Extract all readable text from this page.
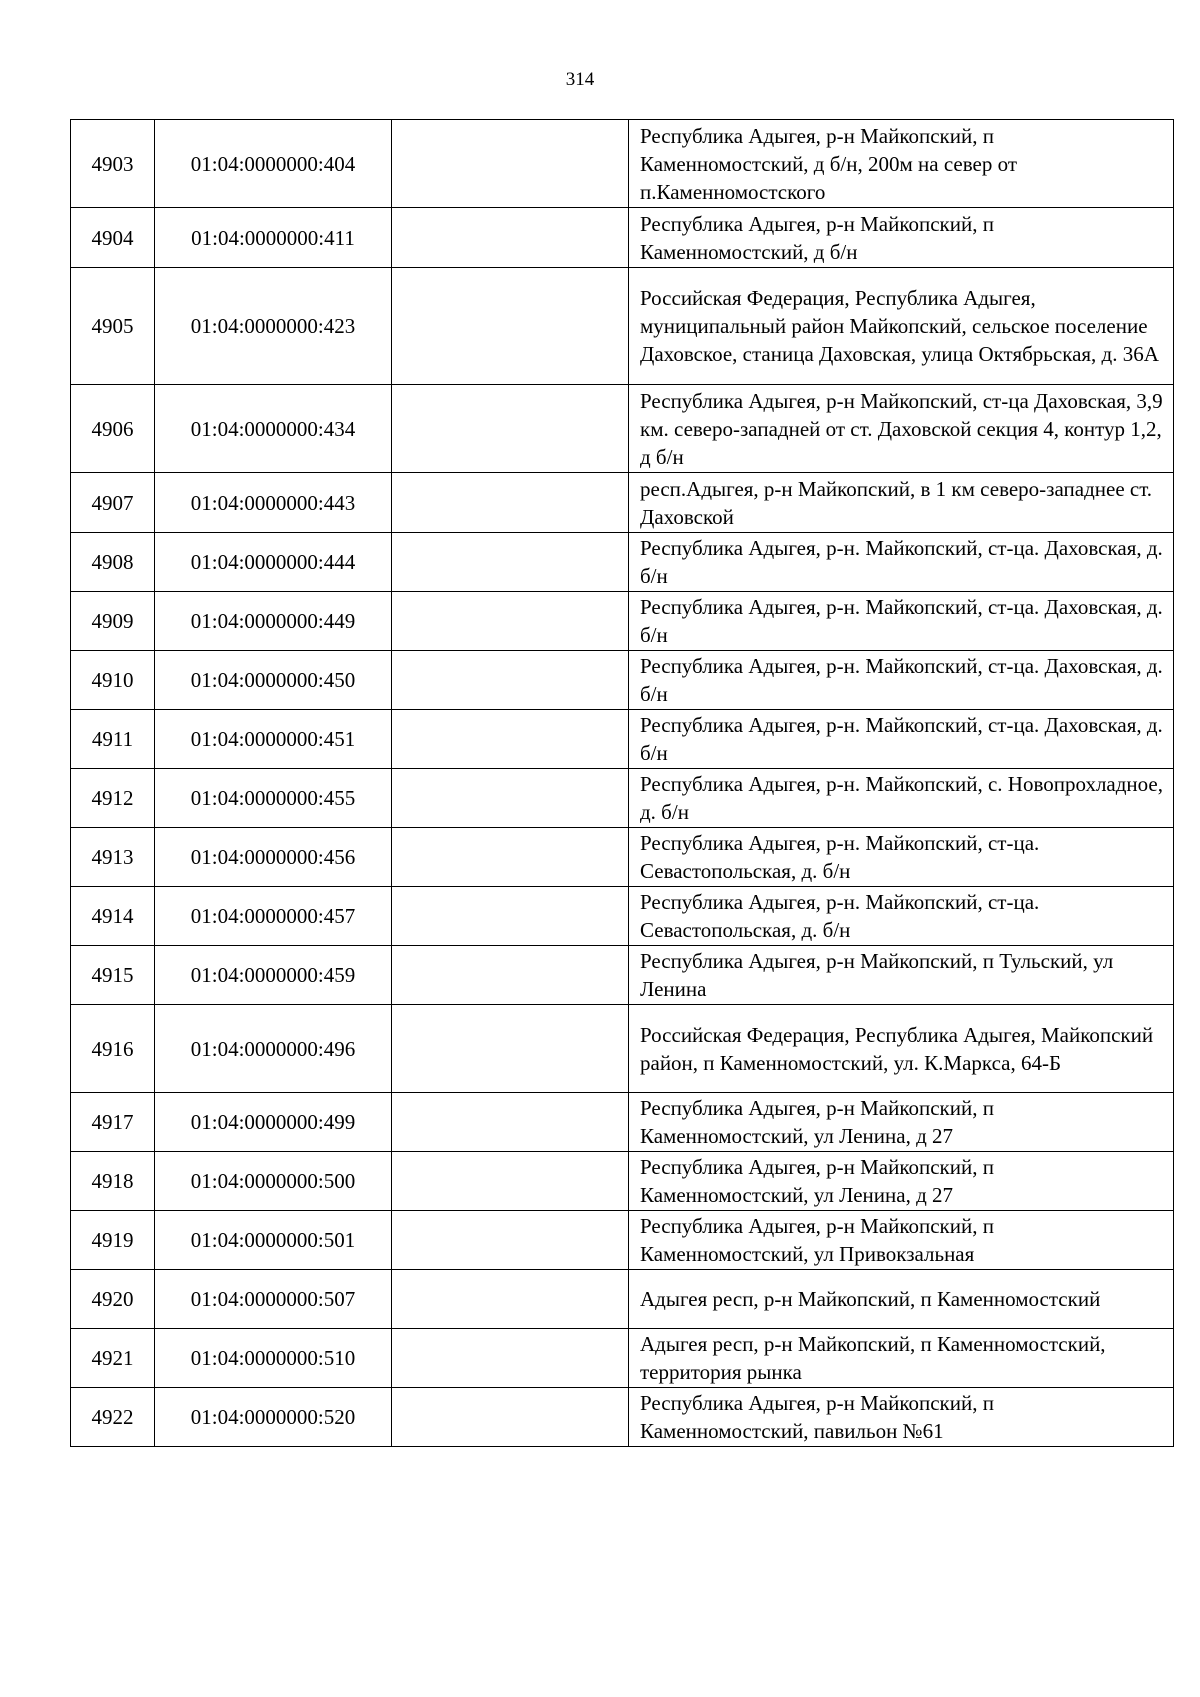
314
4903	01:04:0000000:404		Республика Адыгея, р-н Майкопский, п Каменномостский, д б/н, 200м на север от п.Каменномостского
4904	01:04:0000000:411		Республика Адыгея, р-н Майкопский, п Каменномостский, д б/н
4905	01:04:0000000:423		Российская Федерация, Республика Адыгея, муниципальный район Майкопский, сельское поселение Даховское, станица Даховская, улица Октябрьская, д. 36А
4906	01:04:0000000:434		Республика Адыгея, р-н Майкопский, ст-ца Даховская, 3,9 км. северо-западней от ст. Даховской секция 4, контур 1,2, д б/н
4907	01:04:0000000:443		респ.Адыгея, р-н Майкопский, в 1 км северо-западнее ст. Даховской
4908	01:04:0000000:444		Республика Адыгея, р-н. Майкопский, ст-ца. Даховская, д. б/н
4909	01:04:0000000:449		Республика Адыгея, р-н. Майкопский, ст-ца. Даховская, д. б/н
4910	01:04:0000000:450		Республика Адыгея, р-н. Майкопский, ст-ца. Даховская, д. б/н
4911	01:04:0000000:451		Республика Адыгея, р-н. Майкопский, ст-ца. Даховская, д. б/н
4912	01:04:0000000:455		Республика Адыгея, р-н. Майкопский, с. Новопрохладное, д. б/н
4913	01:04:0000000:456		Республика Адыгея, р-н. Майкопский, ст-ца. Севастопольская, д. б/н
4914	01:04:0000000:457		Республика Адыгея, р-н. Майкопский, ст-ца. Севастопольская, д. б/н
4915	01:04:0000000:459		Республика Адыгея, р-н Майкопский, п Тульский, ул Ленина
4916	01:04:0000000:496		Российская Федерация, Республика Адыгея, Майкопский район, п Каменномостский, ул. К.Маркса, 64-Б
4917	01:04:0000000:499		Республика Адыгея, р-н Майкопский, п Каменномостский, ул Ленина, д 27
4918	01:04:0000000:500		Республика Адыгея, р-н Майкопский, п Каменномостский, ул Ленина, д 27
4919	01:04:0000000:501		Республика Адыгея, р-н Майкопский, п Каменномостский, ул Привокзальная
4920	01:04:0000000:507		Адыгея респ, р-н Майкопский, п Каменномостский
4921	01:04:0000000:510		Адыгея респ, р-н Майкопский, п Каменномостский, территория рынка
4922	01:04:0000000:520		Республика Адыгея, р-н Майкопский, п Каменномостский, павильон №61
